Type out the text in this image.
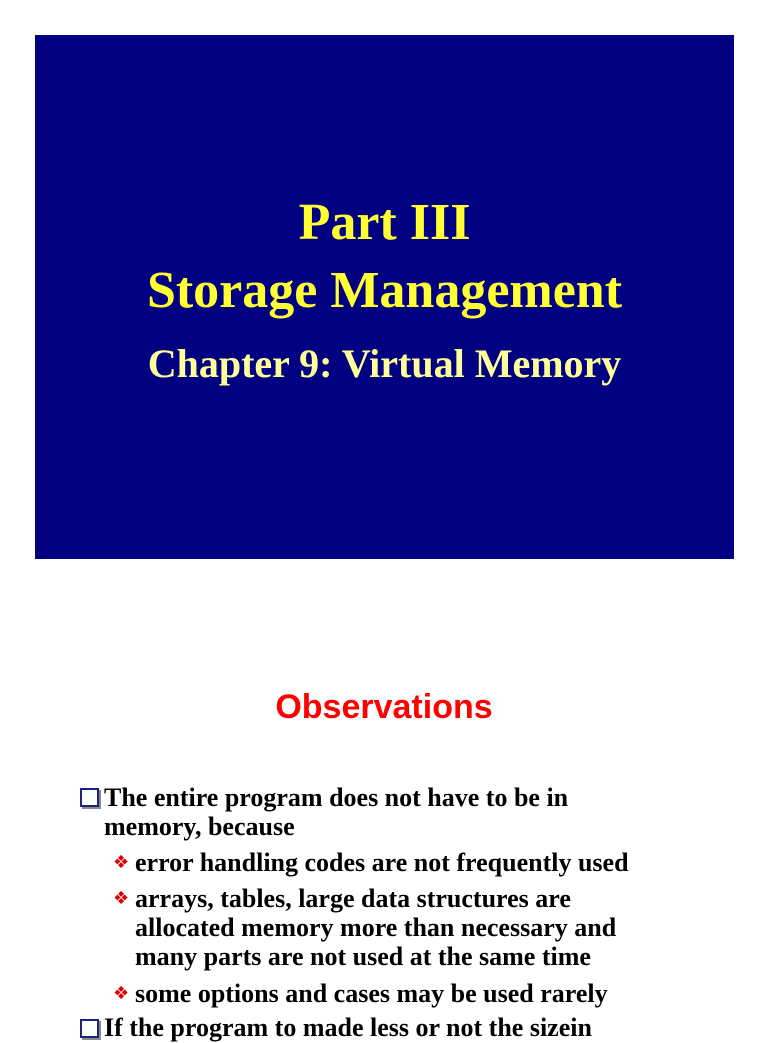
Part III
Storage Management
Chapter 9: Virtual Memory
Observations
The entire program does not have to be in
memory, because
❖ error handling codes are not frequently used
❖ arrays, tables, large data structures are
allocated memory more than necessary and
many parts are not used at the same time
❖ some options and cases may be used rarely
If the program to made less or not the sizein
